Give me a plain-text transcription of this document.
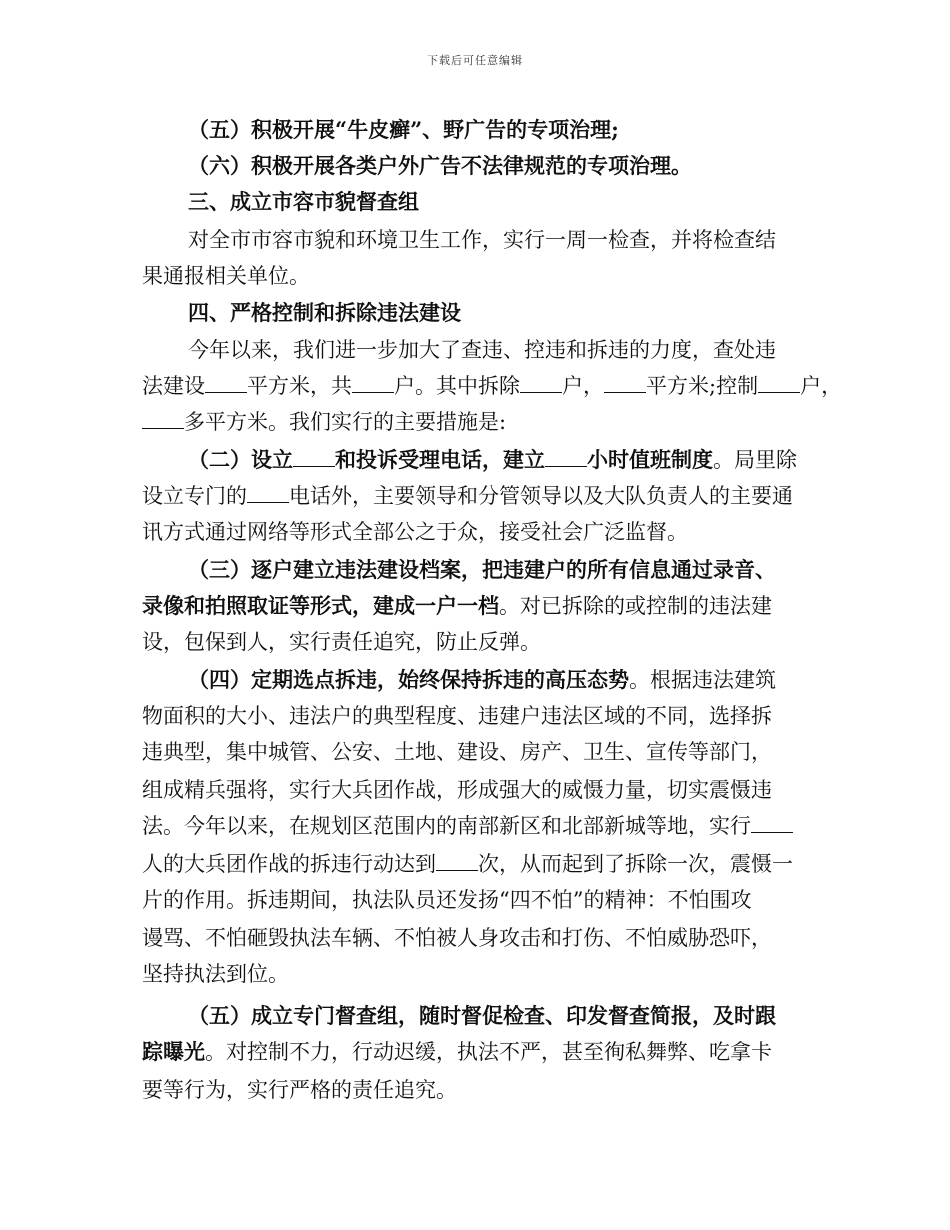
下载后可任意编辑
（五）积极开展“牛皮癣”、野广告的专项治理;
（六）积极开展各类户外广告不法律规范的专项治理。
三、成立市容市貌督查组
对全市市容市貌和环境卫生工作，实行一周一检查，并将检查结
果通报相关单位。
四、严格控制和拆除违法建设
今年以来，我们进一步加大了查违、控违和拆违的力度，查处违
法建设 平方米，共 户。其中拆除 户， 平方米;控制 户，
多平方米。我们实行的主要措施是:
（二）设立 和投诉受理电话，建立 小时值班制度。局里除
设立专门的 电话外，主要领导和分管领导以及大队负责人的主要通
讯方式通过网络等形式全部公之于众，接受社会广泛监督。
（三）逐户建立违法建设档案，把违建户的所有信息通过录音、
录像和拍照取证等形式，建成一户一档。对已拆除的或控制的违法建
设，包保到人，实行责任追究，防止反弹。
（四）定期选点拆违，始终保持拆违的高压态势。根据违法建筑
物面积的大小、违法户的典型程度、违建户违法区域的不同，选择拆
违典型，集中城管、公安、土地、建设、房产、卫生、宣传等部门，
组成精兵强将，实行大兵团作战，形成强大的威慑力量，切实震慑违
法。今年以来，在规划区范围内的南部新区和北部新城等地，实行
人的大兵团作战的拆违行动达到 次，从而起到了拆除一次，震慑一
片的作用。拆违期间，执法队员还发扬“四不怕”的精神：不怕围攻
谩骂、不怕砸毁执法车辆、不怕被人身攻击和打伤、不怕威胁恐吓，
坚持执法到位。
（五）成立专门督查组，随时督促检查、印发督查简报，及时跟
踪曝光。对控制不力，行动迟缓，执法不严，甚至徇私舞弊、吃拿卡
要等行为，实行严格的责任追究。
